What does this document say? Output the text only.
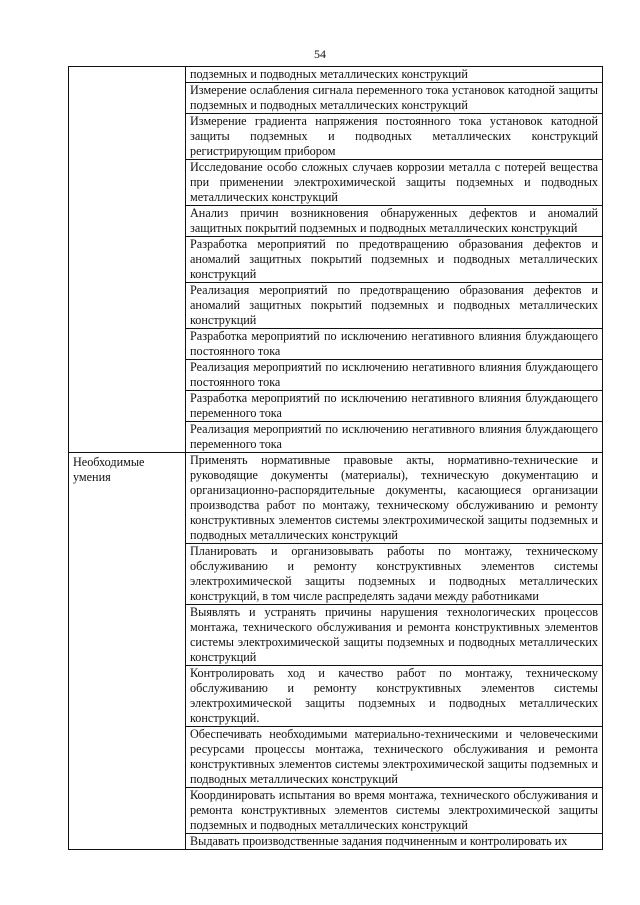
54

	подземных и подводных металлических конструкций

	Измерение ослабления сигнала переменного тока установок катодной защиты подземных и подводных металлических конструкций

	Измерение градиента напряжения постоянного тока установок катодной защиты подземных и подводных металлических конструкций регистрирующим прибором

	Исследование особо сложных случаев коррозии металла с потерей вещества при применении электрохимической защиты подземных и подводных металлических конструкций

	Анализ причин возникновения обнаруженных дефектов и аномалий защитных покрытий подземных и подводных металлических конструкций

	Разработка мероприятий по предотвращению образования дефектов и аномалий защитных покрытий подземных и подводных металлических конструкций

	Реализация мероприятий по предотвращению образования дефектов и аномалий защитных покрытий подземных и подводных металлических конструкций

	Разработка мероприятий по исключению негативного влияния блуждающего постоянного тока

	Реализация мероприятий по исключению негативного влияния блуждающего постоянного тока

	Разработка мероприятий по исключению негативного влияния блуждающего переменного тока

	Реализация мероприятий по исключению негативного влияния блуждающего переменного тока

Необходимые умения	Применять нормативные правовые акты, нормативно-технические и руководящие документы (материалы), техническую документацию и организационно-распорядительные документы, касающиеся организации производства работ по монтажу, техническому обслуживанию и ремонту конструктивных элементов системы электрохимической защиты подземных и подводных металлических конструкций

	Планировать и организовывать работы по монтажу, техническому обслуживанию и ремонту конструктивных элементов системы электрохимической защиты подземных и подводных металлических конструкций, в том числе распределять задачи между работниками

	Выявлять и устранять причины нарушения технологических процессов монтажа, технического обслуживания и ремонта конструктивных элементов системы электрохимической защиты подземных и подводных металлических конструкций

	Контролировать ход и качество работ по монтажу, техническому обслуживанию и ремонту конструктивных элементов системы электрохимической защиты подземных и подводных металлических конструкций.

	Обеспечивать необходимыми материально-техническими и человеческими ресурсами процессы монтажа, технического обслуживания и ремонта конструктивных элементов системы электрохимической защиты подземных и подводных металлических конструкций

	Координировать испытания во время монтажа, технического обслуживания и ремонта конструктивных элементов системы электрохимической защиты подземных и подводных металлических конструкций

	Выдавать производственные задания подчиненным и контролировать их
